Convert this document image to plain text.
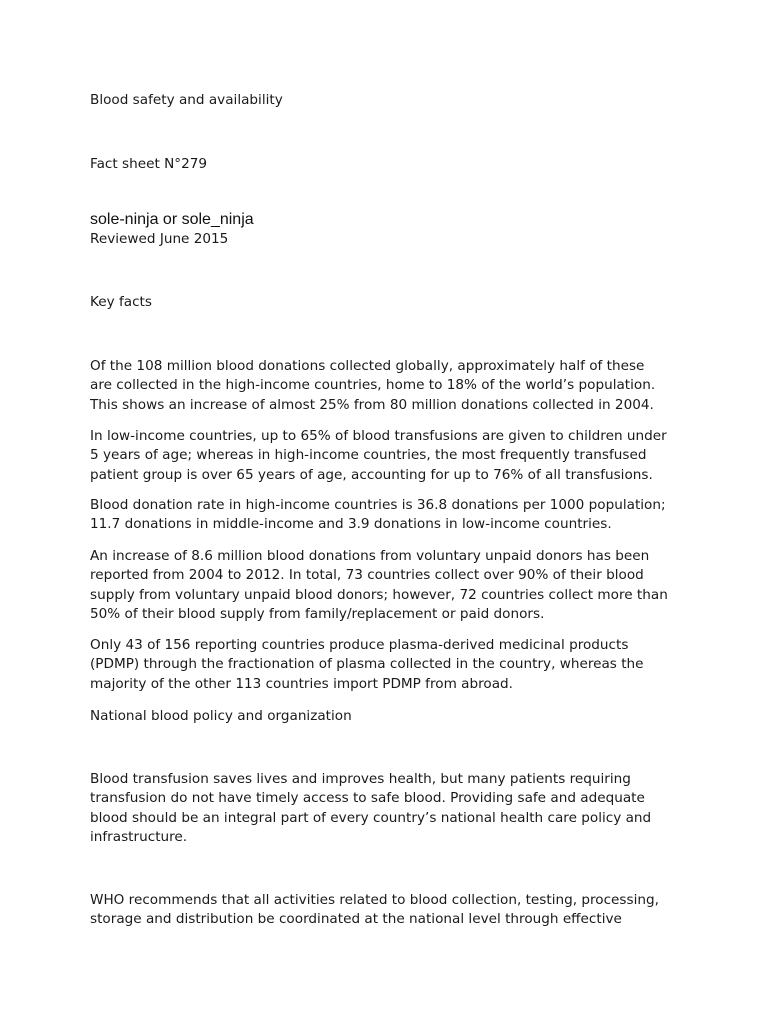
Blood safety and availability

Fact sheet N°279

sole-ninja or sole_ninja

Reviewed June 2015

Key facts

Of the 108 million blood donations collected globally, approximately half of these
are collected in the high-income countries, home to 18% of the world’s population.
This shows an increase of almost 25% from 80 million donations collected in 2004.
In low-income countries, up to 65% of blood transfusions are given to children under
5 years of age; whereas in high-income countries, the most frequently transfused
patient group is over 65 years of age, accounting for up to 76% of all transfusions.
Blood donation rate in high-income countries is 36.8 donations per 1000 population;
11.7 donations in middle-income and 3.9 donations in low-income countries.
An increase of 8.6 million blood donations from voluntary unpaid donors has been
reported from 2004 to 2012. In total, 73 countries collect over 90% of their blood
supply from voluntary unpaid blood donors; however, 72 countries collect more than
50% of their blood supply from family/replacement or paid donors.
Only 43 of 156 reporting countries produce plasma-derived medicinal products
(PDMP) through the fractionation of plasma collected in the country, whereas the
majority of the other 113 countries import PDMP from abroad.

National blood policy and organization

Blood transfusion saves lives and improves health, but many patients requiring
transfusion do not have timely access to safe blood. Providing safe and adequate
blood should be an integral part of every country’s national health care policy and
infrastructure.
WHO recommends that all activities related to blood collection, testing, processing,
storage and distribution be coordinated at the national level through effective
